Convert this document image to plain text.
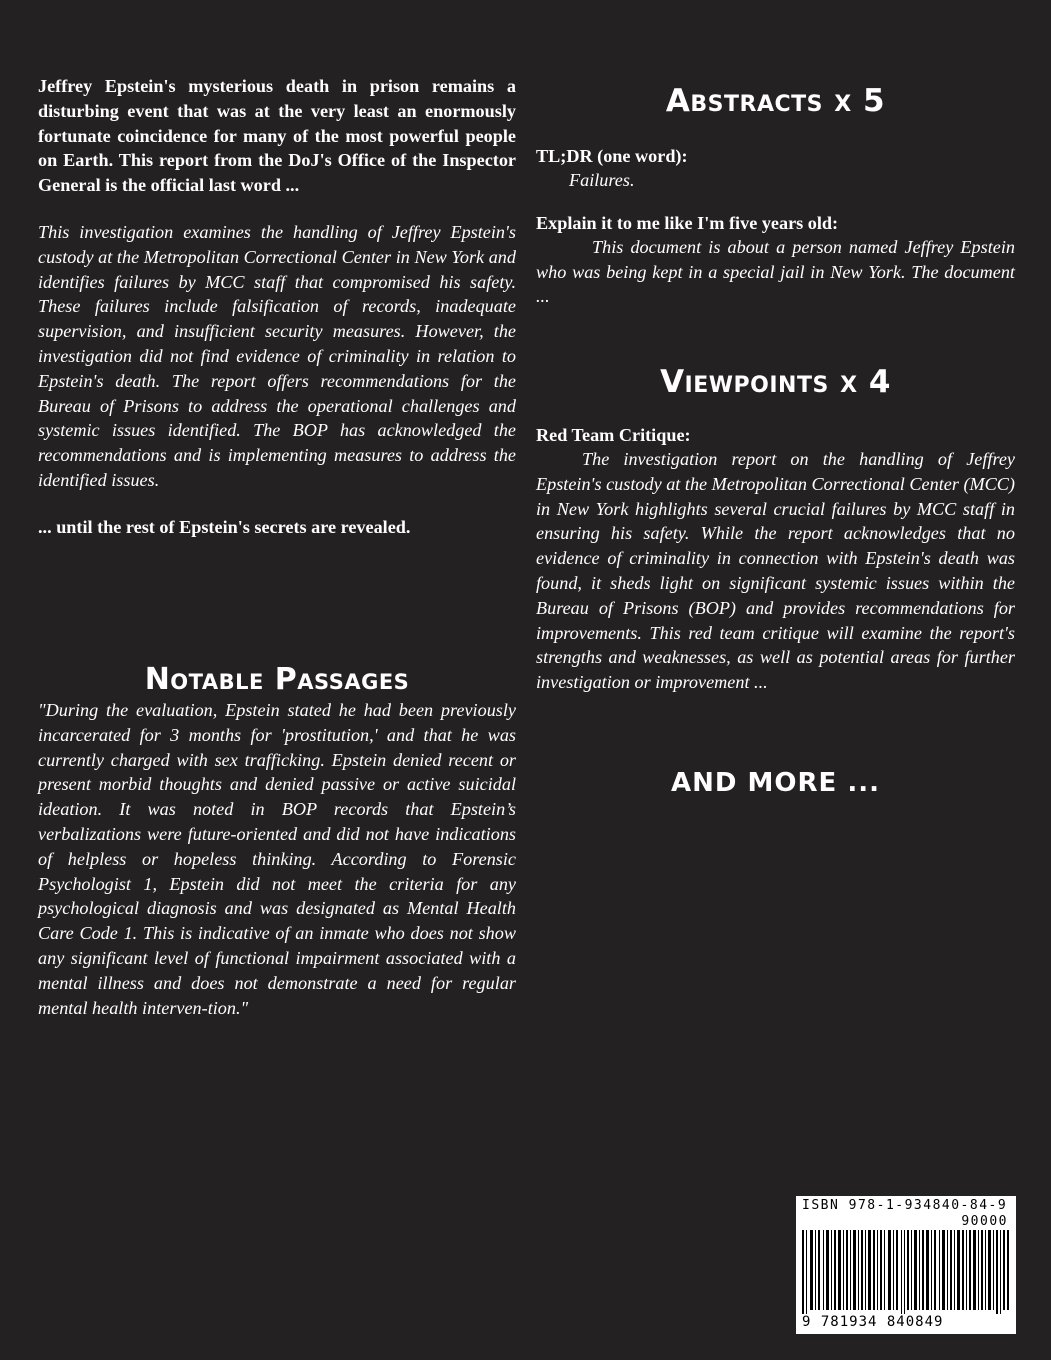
Jeffrey Epstein's mysterious death in prison remains a disturbing event that was at the very least an enormously fortunate coincidence for many of the most powerful people on Earth. This report from the DoJ's Office of the Inspector General is the official last word ...

This investigation examines the handling of Jeffrey Epstein's custody at the Metropolitan Correctional Center in New York and identifies failures by MCC staff that compromised his safety. These failures include falsification of records, inadequate supervision, and insufficient security measures. However, the investigation did not find evidence of criminality in relation to Epstein's death. The report offers recommendations for the Bureau of Prisons to address the operational challenges and systemic issues identified. The BOP has acknowledged the recommendations and is implementing measures to address the identified issues.

... until the rest of Epstein's secrets are revealed.

Notable Passages

"During the evaluation, Epstein stated he had been previously incarcerated for 3 months for 'prostitution,' and that he was currently charged with sex trafficking. Epstein denied recent or present morbid thoughts and denied passive or active suicidal ideation. It was noted in BOP records that Epstein’s verbalizations were future-oriented and did not have indications of helpless or hopeless thinking. According to Forensic Psychologist 1, Epstein did not meet the criteria for any psychological diagnosis and was designated as Mental Health Care Code 1. This is indicative of an inmate who does not show any significant level of functional impairment associated with a mental illness and does not demonstrate a need for regular mental health interven-tion."

Abstracts x 5

TL;DR (one word):

Failures.

Explain it to me like I'm five years old:

This document is about a person named Jeffrey Epstein who was being kept in a special jail in New York. The document ...

Viewpoints x 4

Red Team Critique:

The investigation report on the handling of Jeffrey Epstein's custody at the Metropolitan Correctional Center (MCC) in New York highlights several crucial failures by MCC staff in ensuring his safety. While the report acknowledges that no evidence of criminality in connection with Epstein's death was found, it sheds light on significant systemic issues within the Bureau of Prisons (BOP) and provides recommendations for improvements. This red team critique will examine the report's strengths and weaknesses, as well as potential areas for further investigation or improvement ...

AND MORE ...

ISBN 978-1-934840-84-9
90000
9 781934 840849
